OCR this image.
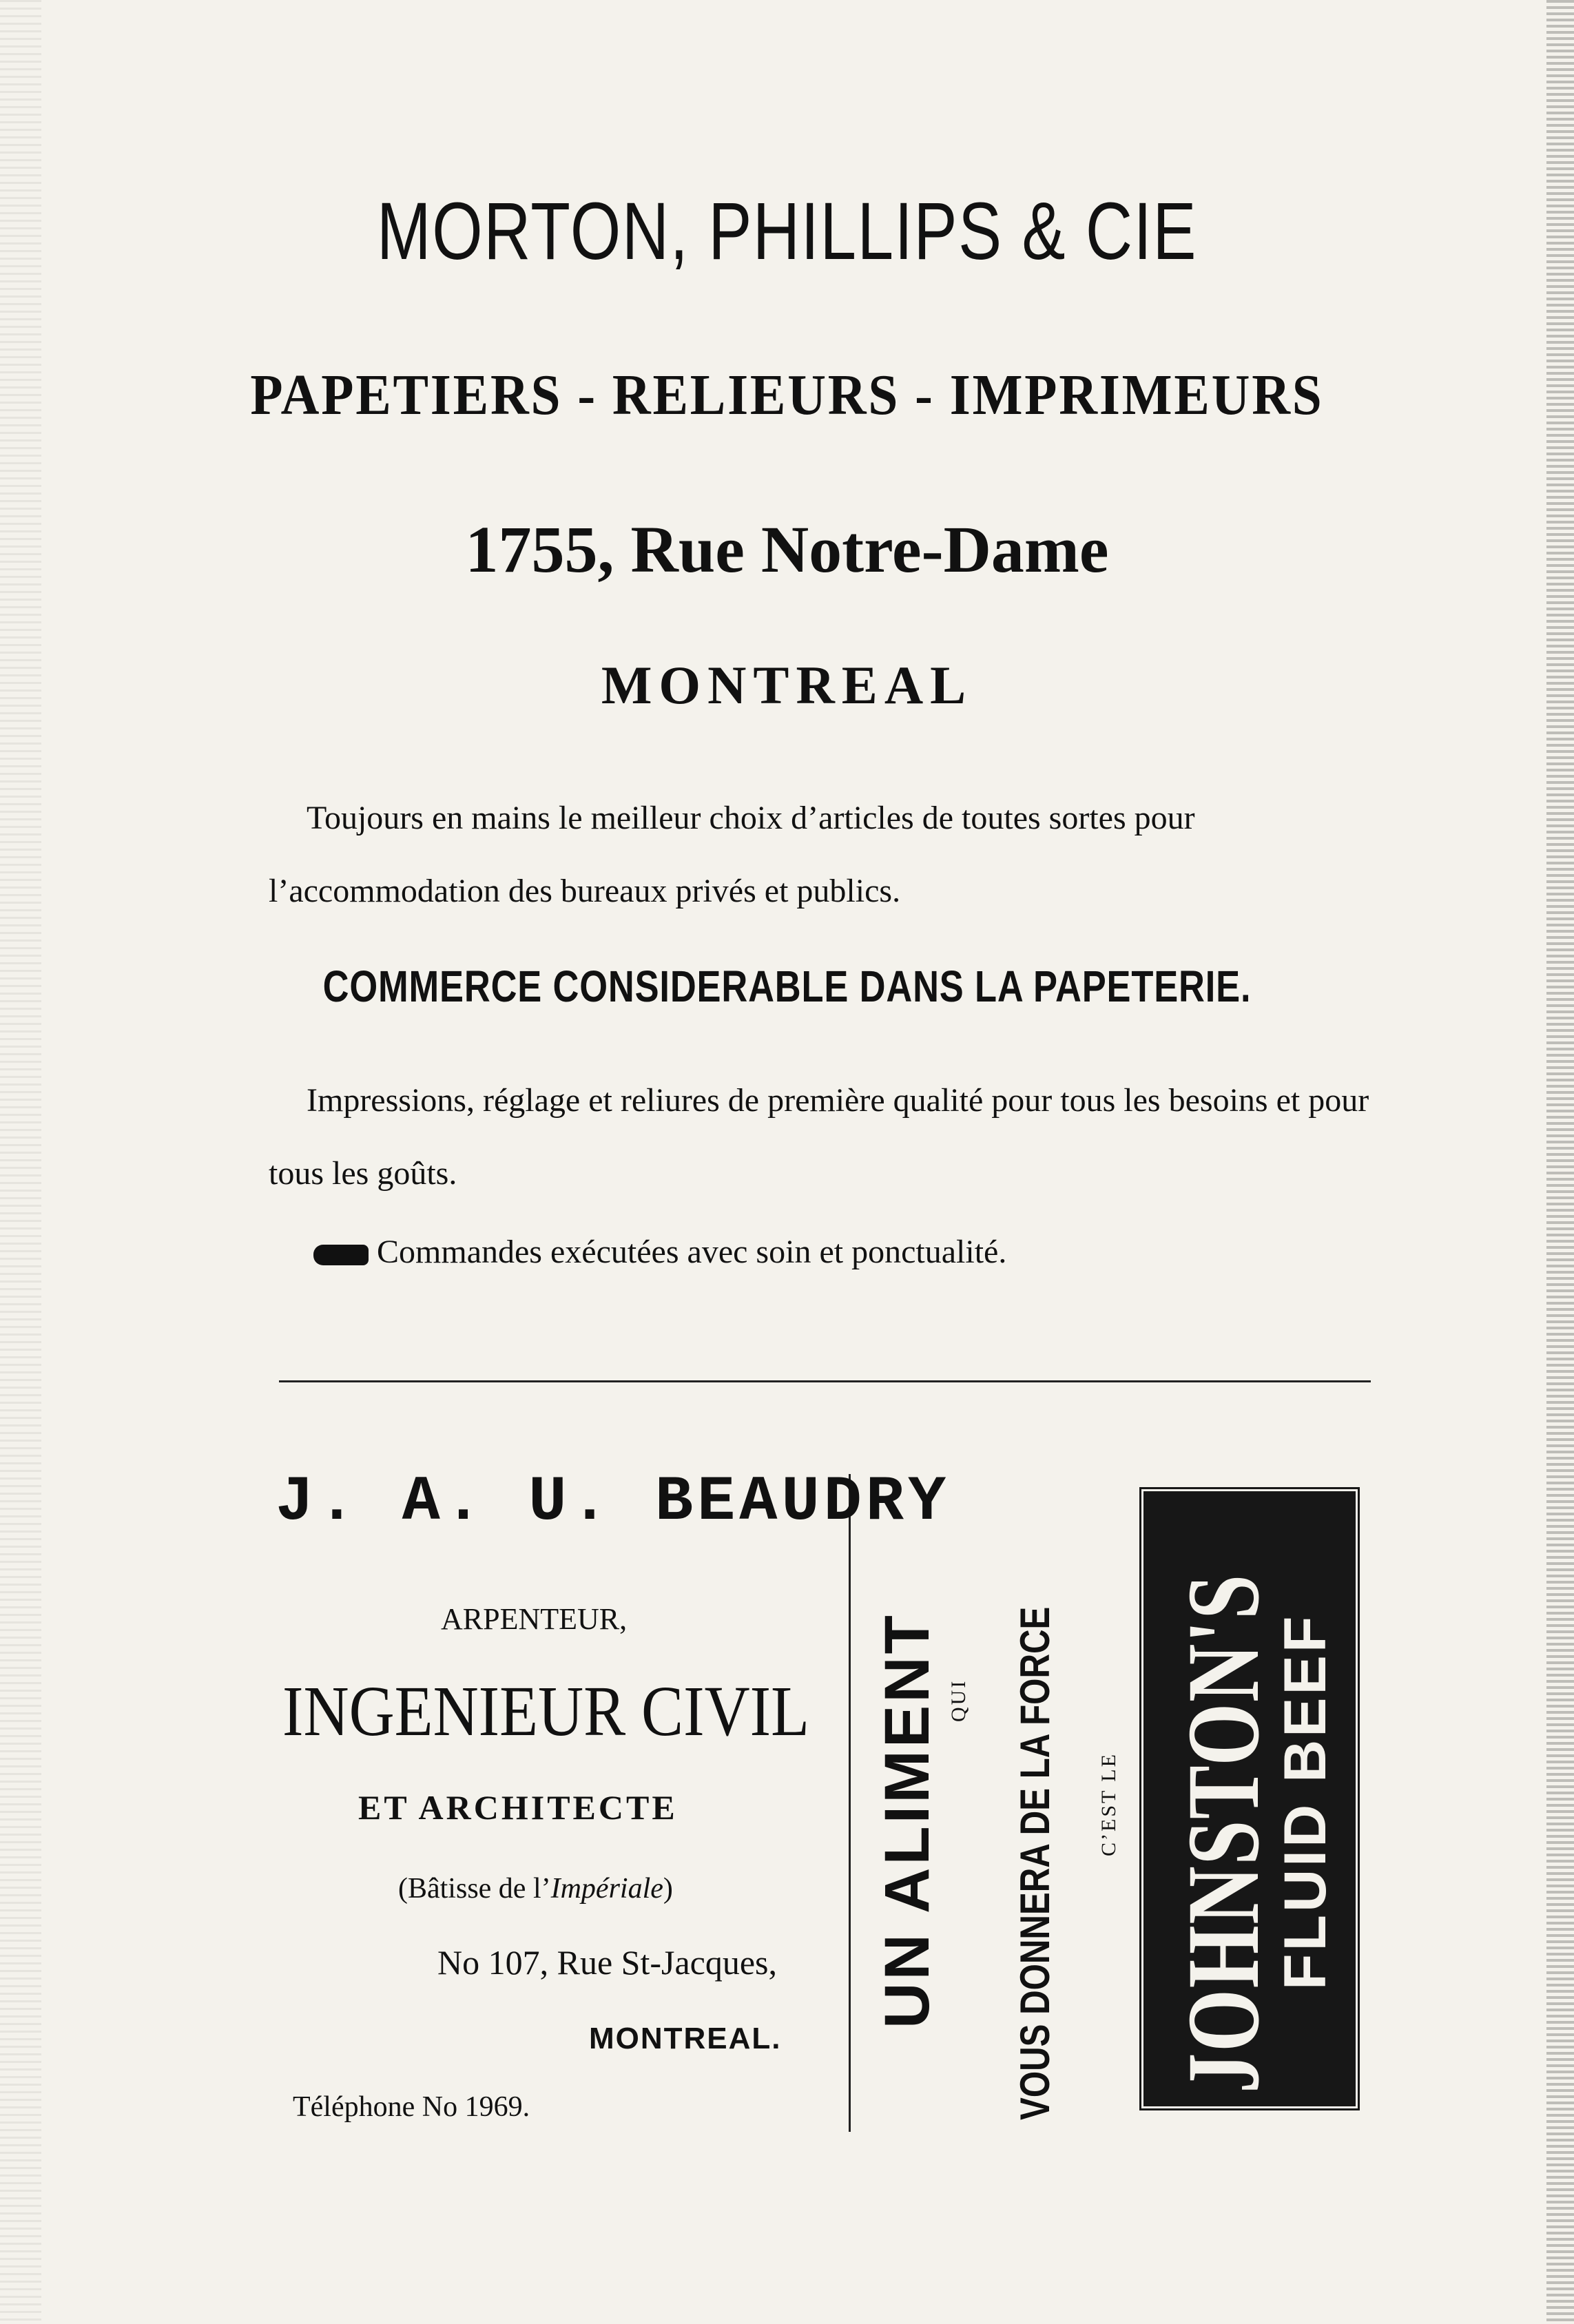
MORTON, PHILLIPS & CIE
PAPETIERS - RELIEURS - IMPRIMEURS
1755, Rue Notre-Dame
MONTREAL
Toujours en mains le meilleur choix d’articles de toutes sortes pour l’accommodation des bureaux privés et publics.
COMMERCE CONSIDERABLE DANS LA PAPETERIE.
Impressions, réglage et reliures de première qualité pour tous les besoins et pour tous les goûts.
Commandes exécutées avec soin et ponctualité.
J. A. U. BEAUDRY
ARPENTEUR,
INGENIEUR CIVIL
ET ARCHITECTE
(Bâtisse de l’Impériale)
No 107, Rue St-Jacques,
MONTREAL.
Téléphone No 1969.
UN ALIMENT QUI VOUS DONNERA DE LA FORCE C’EST LE JOHNSTON'S
FLUID BEEF
